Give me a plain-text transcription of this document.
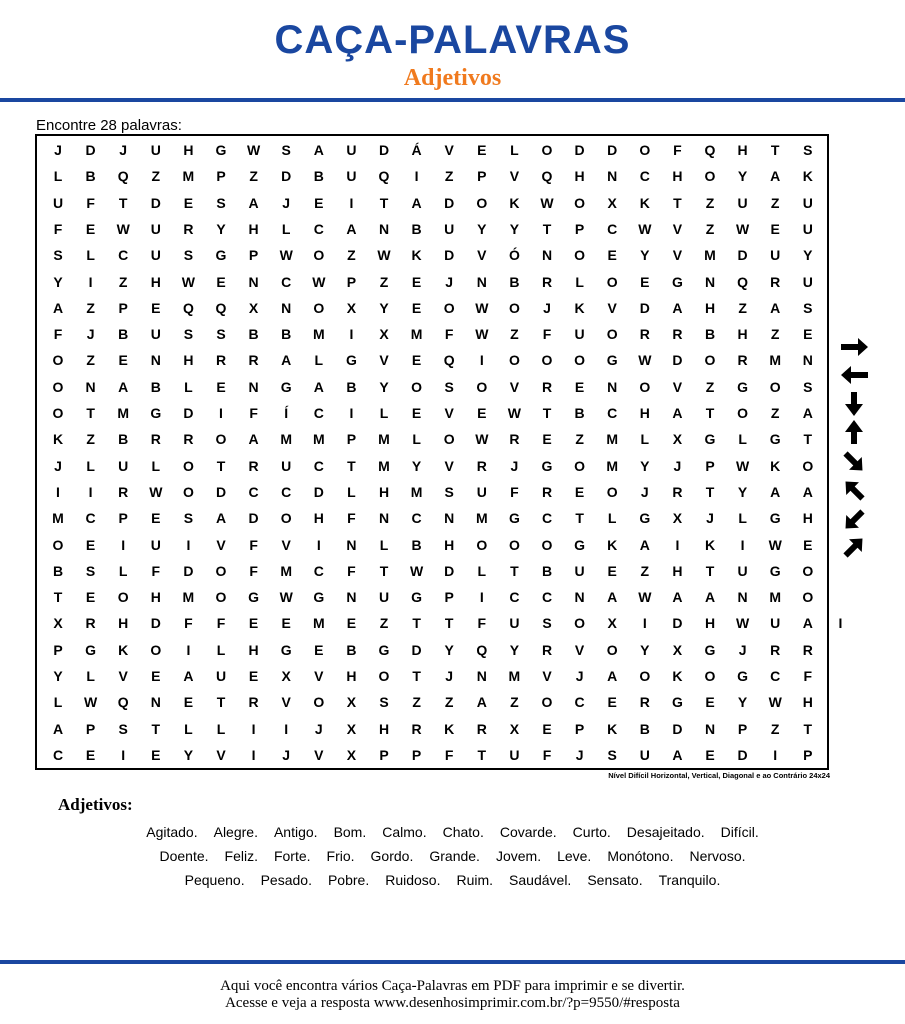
CAÇA-PALAVRAS
Adjetivos
Encontre 28 palavras:
J	D	J	U	H	G	W	S	A	U	D	Á	V	E	L	O	D	D	O	F	Q	H	T	S
L	B	Q	Z	M	P	Z	D	B	U	Q	I	Z	P	V	Q	H	N	C	H	O	Y	A	K
U	F	T	D	E	S	A	J	E	I	T	A	D	O	K	W	O	X	K	T	Z	U	Z	U
F	E	W	U	R	Y	H	L	C	A	N	B	U	Y	Y	T	P	C	W	V	Z	W	E	U
S	L	C	U	S	G	P	W	O	Z	W	K	D	V	Ó	N	O	E	Y	V	M	D	U	Y
Y	I	Z	H	W	E	N	C	W	P	Z	E	J	N	B	R	L	O	E	G	N	Q	R	U
A	Z	P	E	Q	Q	X	N	O	X	Y	E	O	W	O	J	K	V	D	A	H	Z	A	S
F	J	B	U	S	S	B	B	M	I	X	M	F	W	Z	F	U	O	R	R	B	H	Z	E
O	Z	E	N	H	R	R	A	L	G	V	E	Q	I	O	O	O	G	W	D	O	R	M	N
O	N	A	B	L	E	N	G	A	B	Y	O	S	O	V	R	E	N	O	V	Z	G	O	S
O	T	M	G	D	I	F	Í	C	I	L	E	V	E	W	T	B	C	H	A	T	O	Z	A
K	Z	B	R	R	O	A	M	M	P	M	L	O	W	R	E	Z	M	L	X	G	L	G	T
J	L	U	L	O	T	R	U	C	T	M	Y	V	R	J	G	O	M	Y	J	P	W	K	O
I	I	R	W	O	D	C	C	D	L	H	M	S	U	F	R	E	O	J	R	T	Y	A	A
M	C	P	E	S	A	D	O	H	F	N	C	N	M	G	C	T	L	G	X	J	L	G	H
O	E	I	U	I	V	F	V	I	N	L	B	H	O	O	O	G	K	A	I	K	I	W	E
B	S	L	F	D	O	F	M	C	F	T	W	D	L	T	B	U	E	Z	H	T	U	G	O
T	E	O	H	M	O	G	W	G	N	U	G	P	I	C	C	N	A	W	A	A	N	M	O
X	R	H	D	F	F	E	E	M	E	Z	T	T	F	U	S	O	X	I	D	H	W	U	A	I
P	G	K	O	I	L	H	G	E	B	G	D	Y	Q	Y	R	V	O	Y	X	G	J	R	R
Y	L	V	E	A	U	E	X	V	H	O	T	J	N	M	V	J	A	O	K	O	G	C	F
L	W	Q	N	E	T	R	V	O	X	S	Z	Z	A	Z	O	C	E	R	G	E	Y	W	H
A	P	S	T	L	L	I	I	J	X	H	R	K	R	X	E	P	K	B	D	N	P	Z	T
C	E	I	E	Y	V	I	J	V	X	P	P	F	T	U	F	J	S	U	A	E	D	I	P
Nível Difícil Horizontal, Vertical, Diagonal e ao Contrário 24x24
Adjetivos:
Agitado. Alegre. Antigo. Bom. Calmo. Chato. Covarde. Curto. Desajeitado. Difícil.
Doente. Feliz. Forte. Frio. Gordo. Grande. Jovem. Leve. Monótono. Nervoso.
Pequeno. Pesado. Pobre. Ruidoso. Ruim. Saudável. Sensato. Tranquilo.
Aqui você encontra vários Caça-Palavras em PDF para imprimir e se divertir.
Acesse e veja a resposta www.desenhosimprimir.com.br/?p=9550/#resposta
